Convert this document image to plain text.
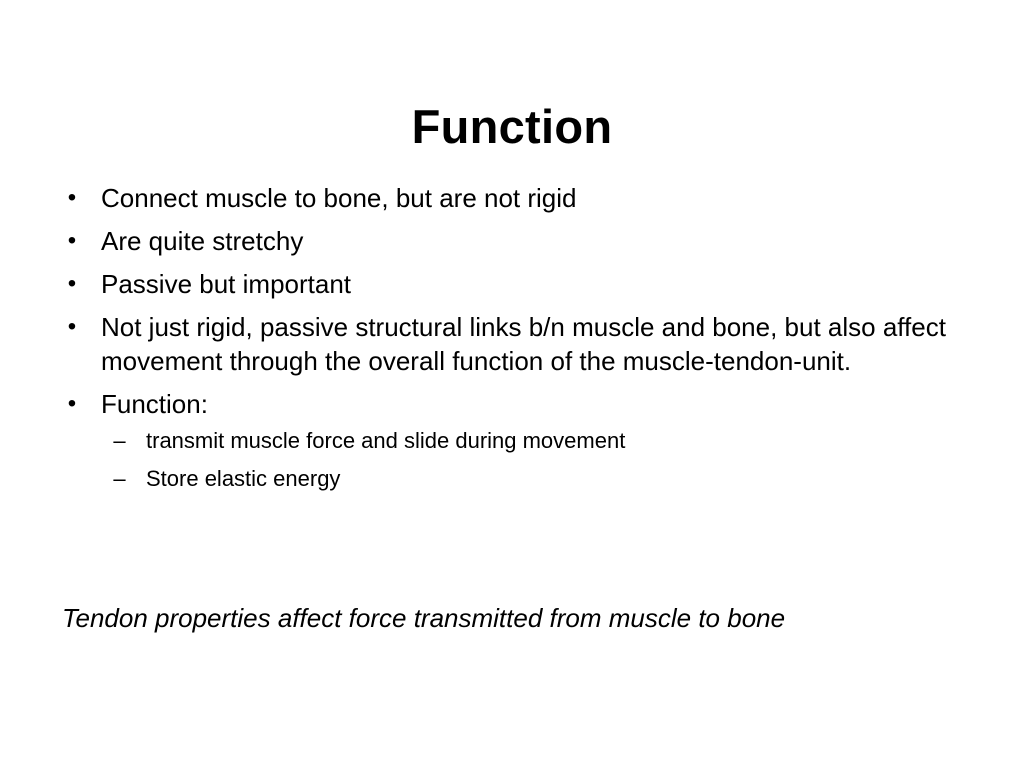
Function
• Connect muscle to bone, but are not rigid
• Are quite stretchy
• Passive but important
• Not just rigid, passive structural links b/n muscle and bone, but also affect movement through the overall function of the muscle-tendon-unit.
• Function:
– transmit muscle force and slide during movement
– Store elastic energy

Tendon properties affect force transmitted from muscle to bone
